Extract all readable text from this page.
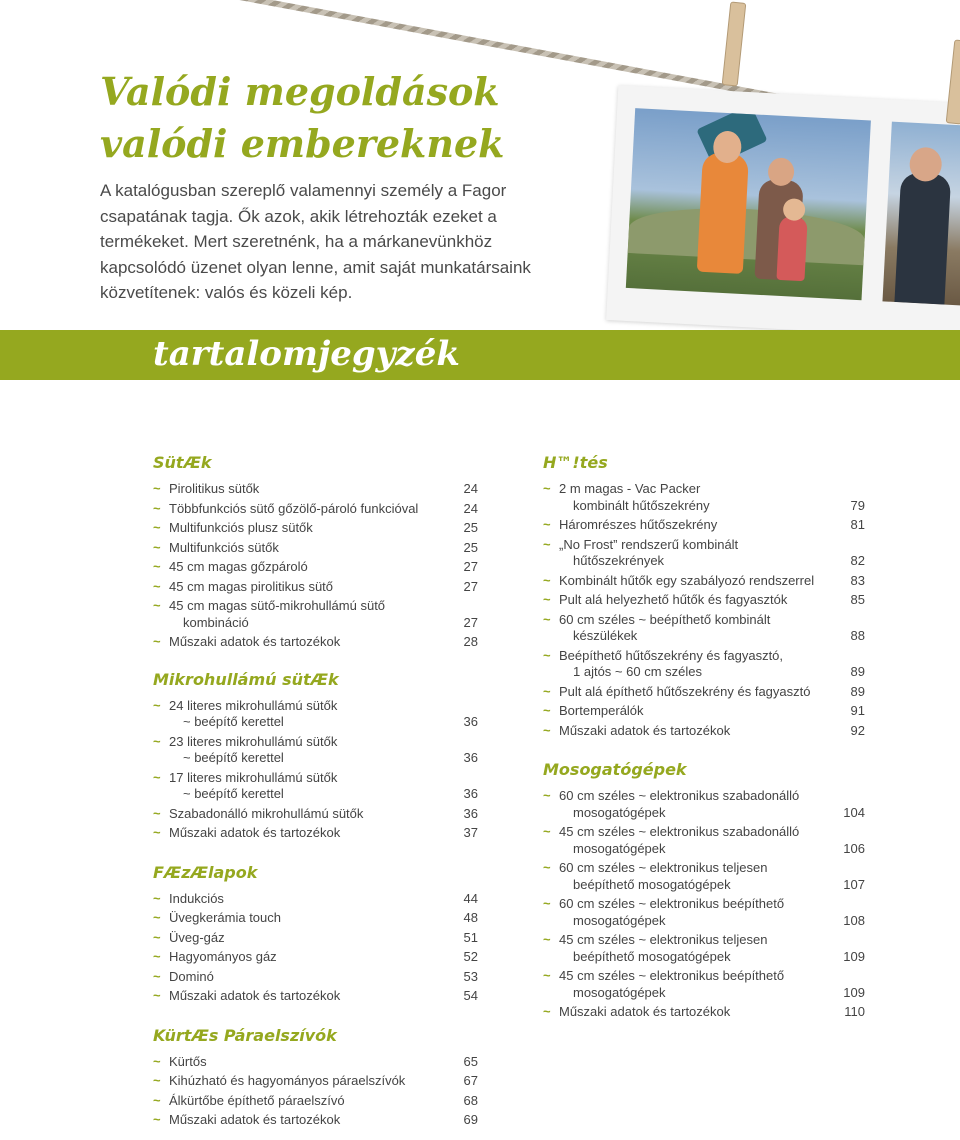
Valódi megoldások
valódi embereknek

A katalógusban szereplő valamennyi személy a Fagor csapatának tagja. Ők azok, akik létrehozták ezeket a termékeket. Mert szeretnénk, ha a márkanevünkhöz kapcsolódó üzenet olyan lenne, amit saját munkatársaink közvetítenek: valós és közeli kép.

tartalomjegyzék
SütÆk
~ Pirolitikus sütők	24
~ Többfunkciós sütő gőzölő-pároló funkcióval	24
~ Multifunkciós plusz sütők	25
~ Multifunkciós sütők	25
~ 45 cm magas gőzpároló	27
~ 45 cm magas pirolitikus sütő	27
~ 45 cm magas sütő-mikrohullámú sütő
kombináció	27
~ Műszaki adatok és tartozékok	28
Mikrohullámú sütÆk
~ 24 literes mikrohullámú sütők
~ beépítő kerettel	36
~ 23 literes mikrohullámú sütők
~ beépítő kerettel	36
~ 17 literes mikrohullámú sütők
~ beépítő kerettel	36
~ Szabadonálló mikrohullámú sütők	36
~ Műszaki adatok és tartozékok	37
FÆzÆlapok
~ Indukciós	44
~ Üvegkerámia touch	48
~ Üveg-gáz	51
~ Hagyományos gáz	52
~ Dominó	53
~ Műszaki adatok és tartozékok	54
KürtÆs Páraelszívók
~ Kürtős	65
~ Kihúzható és hagyományos páraelszívók	67
~ Álkürtőbe építhető páraelszívó	68
~ Műszaki adatok és tartozékok	69
H™!tés
~ 2 m magas - Vac Packer
kombinált hűtőszekrény	79
~ Háromrészes hűtőszekrény	81
~ „No Frost” rendszerű kombinált
hűtőszekrények	82
~ Kombinált hűtők egy szabályozó rendszerrel	83
~ Pult alá helyezhető hűtők és fagyasztók	85
~ 60 cm széles ~ beépíthető kombinált
készülékek	88
~ Beépíthető hűtőszekrény és fagyasztó,
1 ajtós ~ 60 cm széles	89
~ Pult alá építhető hűtőszekrény és fagyasztó	89
~ Bortemperálók	91
~ Műszaki adatok és tartozékok	92
Mosogatógépek
~ 60 cm széles ~ elektronikus szabadonálló
mosogatógépek	104
~ 45 cm széles ~ elektronikus szabadonálló
mosogatógépek	106
~ 60 cm széles ~ elektronikus teljesen
beépíthető mosogatógépek	107
~ 60 cm széles ~ elektronikus beépíthető
mosogatógépek	108
~ 45 cm széles ~ elektronikus teljesen
beépíthető mosogatógépek	109
~ 45 cm széles ~ elektronikus beépíthető
mosogatógépek	109
~ Műszaki adatok és tartozékok	110
